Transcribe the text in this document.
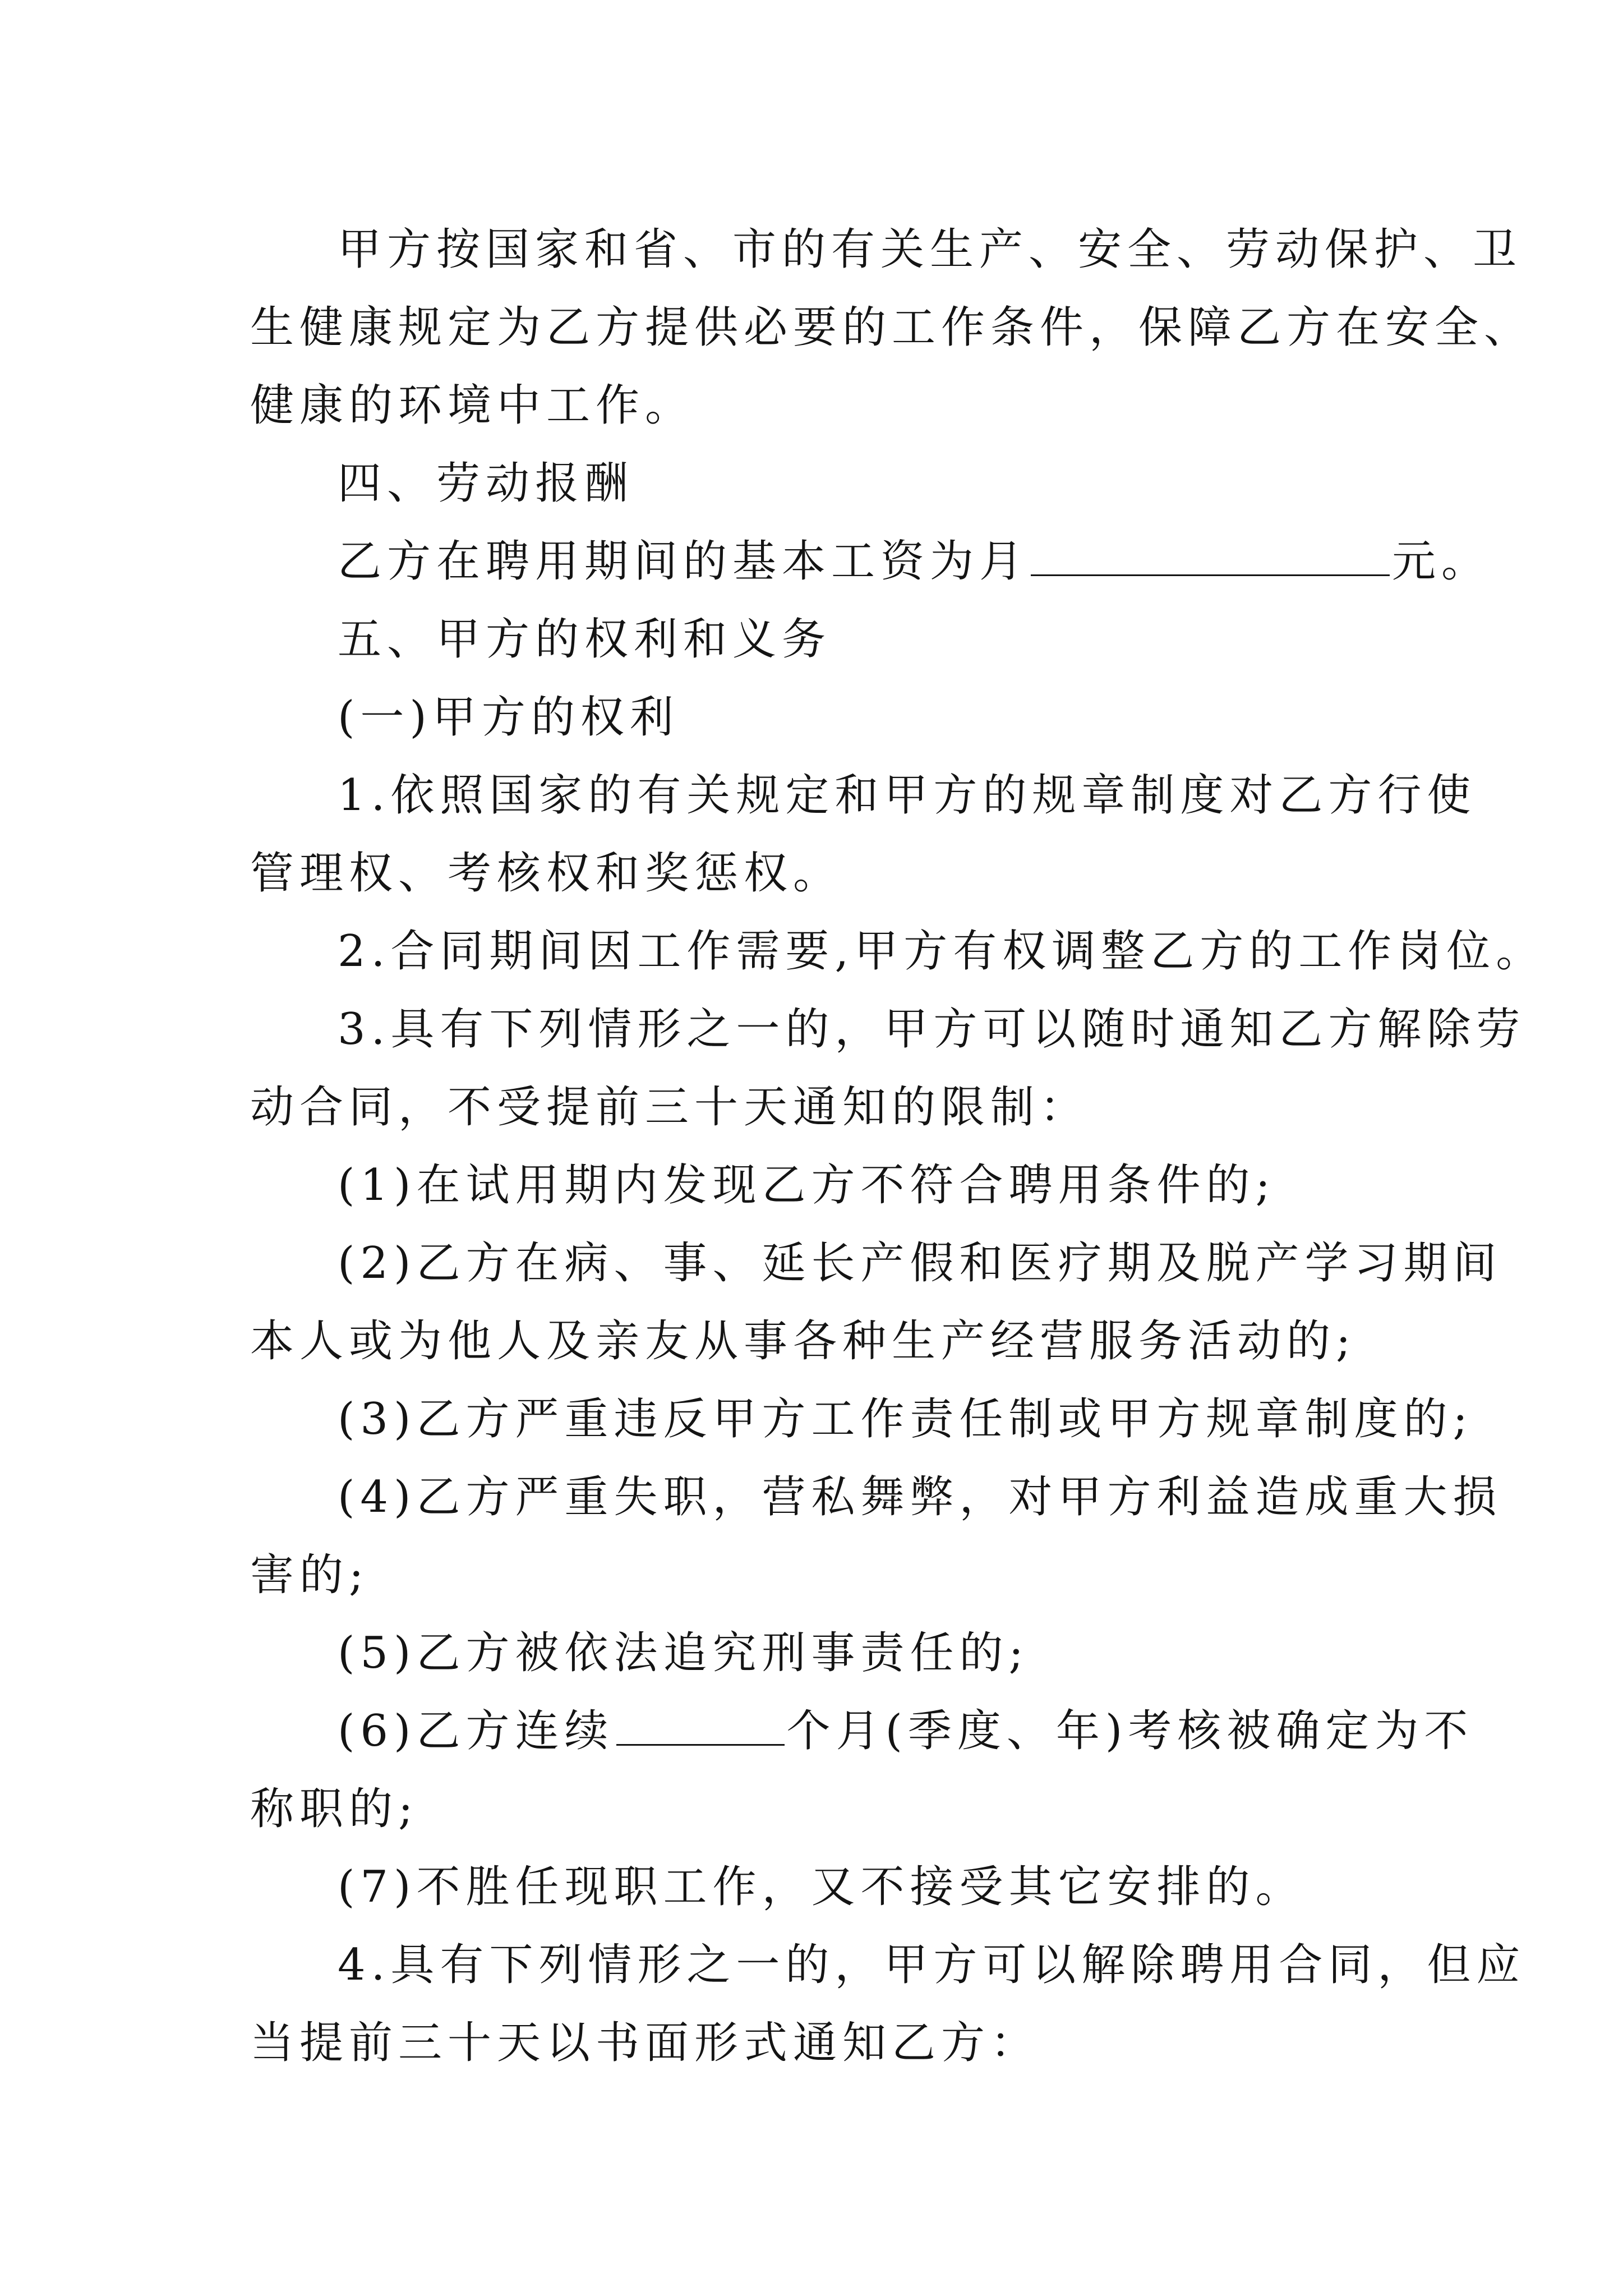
甲方按国家和省、市的有关生产、安全、劳动保护、卫
生健康规定为乙方提供必要的工作条件，保障乙方在安全、
健康的环境中工作。
四、劳动报酬
乙方在聘用期间的基本工资为月	元。
五、甲方的权利和义务
(一)甲方的权利
1.依照国家的有关规定和甲方的规章制度对乙方行使
管理权、考核权和奖惩权。
2.合同期间因工作需要,甲方有权调整乙方的工作岗位。
3.具有下列情形之一的，甲方可以随时通知乙方解除劳
动合同，不受提前三十天通知的限制：
(1)在试用期内发现乙方不符合聘用条件的;
(2)乙方在病、事、延长产假和医疗期及脱产学习期间
本人或为他人及亲友从事各种生产经营服务活动的;
(3)乙方严重违反甲方工作责任制或甲方规章制度的;
(4)乙方严重失职，营私舞弊，对甲方利益造成重大损
害的;
(5)乙方被依法追究刑事责任的;
(6)乙方连续	个月(季度、年)考核被确定为不
称职的;
(7)不胜任现职工作，又不接受其它安排的。
4.具有下列情形之一的，甲方可以解除聘用合同，但应
当提前三十天以书面形式通知乙方：
